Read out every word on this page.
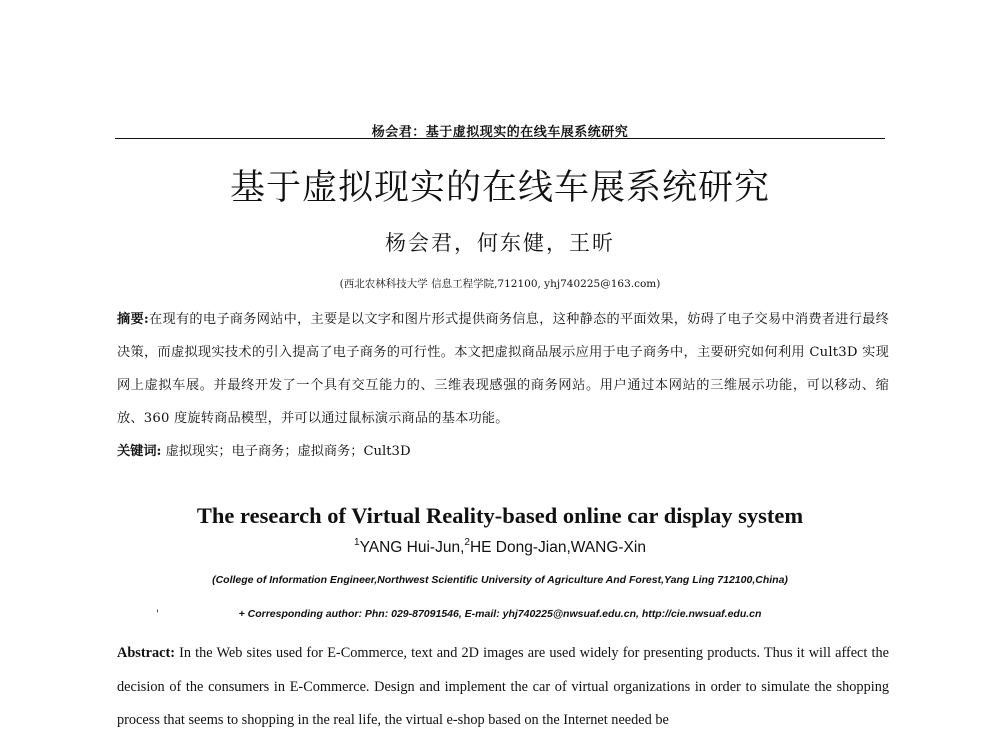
杨会君：基于虚拟现实的在线车展系统研究
基于虚拟现实的在线车展系统研究
杨会君，何东健，王昕
(西北农林科技大学 信息工程学院,712100, yhj740225@163.com)
摘要:在现有的电子商务网站中，主要是以文字和图片形式提供商务信息，这种静态的平面效果，妨碍了电子交易中消费者进行最终决策，而虚拟现实技术的引入提高了电子商务的可行性。本文把虚拟商品展示应用于电子商务中，主要研究如何利用 Cult3D 实现网上虚拟车展。并最终开发了一个具有交互能力的、三维表现感强的商务网站。用户通过本网站的三维展示功能，可以移动、缩放、360 度旋转商品模型，并可以通过鼠标演示商品的基本功能。
关键词: 虚拟现实；电子商务；虚拟商务；Cult3D
The research of Virtual Reality-based online car display system
$^1$YANG Hui-Jun,$^2$HE Dong-Jian,WANG-Xin
(College of Information Engineer,Northwest Scientific University of Agriculture And Forest,Yang Ling 712100,China)
'	+ Corresponding author: Phn: 029-87091546, E-mail: yhj740225@nwsuaf.edu.cn, http://cie.nwsuaf.edu.cn
Abstract: In the Web sites used for E-Commerce, text and 2D images are used widely for presenting products. Thus it will affect the decision of the consumers in E-Commerce. Design and implement the car of virtual organizations in order to simulate the shopping process that seems to shopping in the real life, the virtual e-shop based on the Internet needed be
